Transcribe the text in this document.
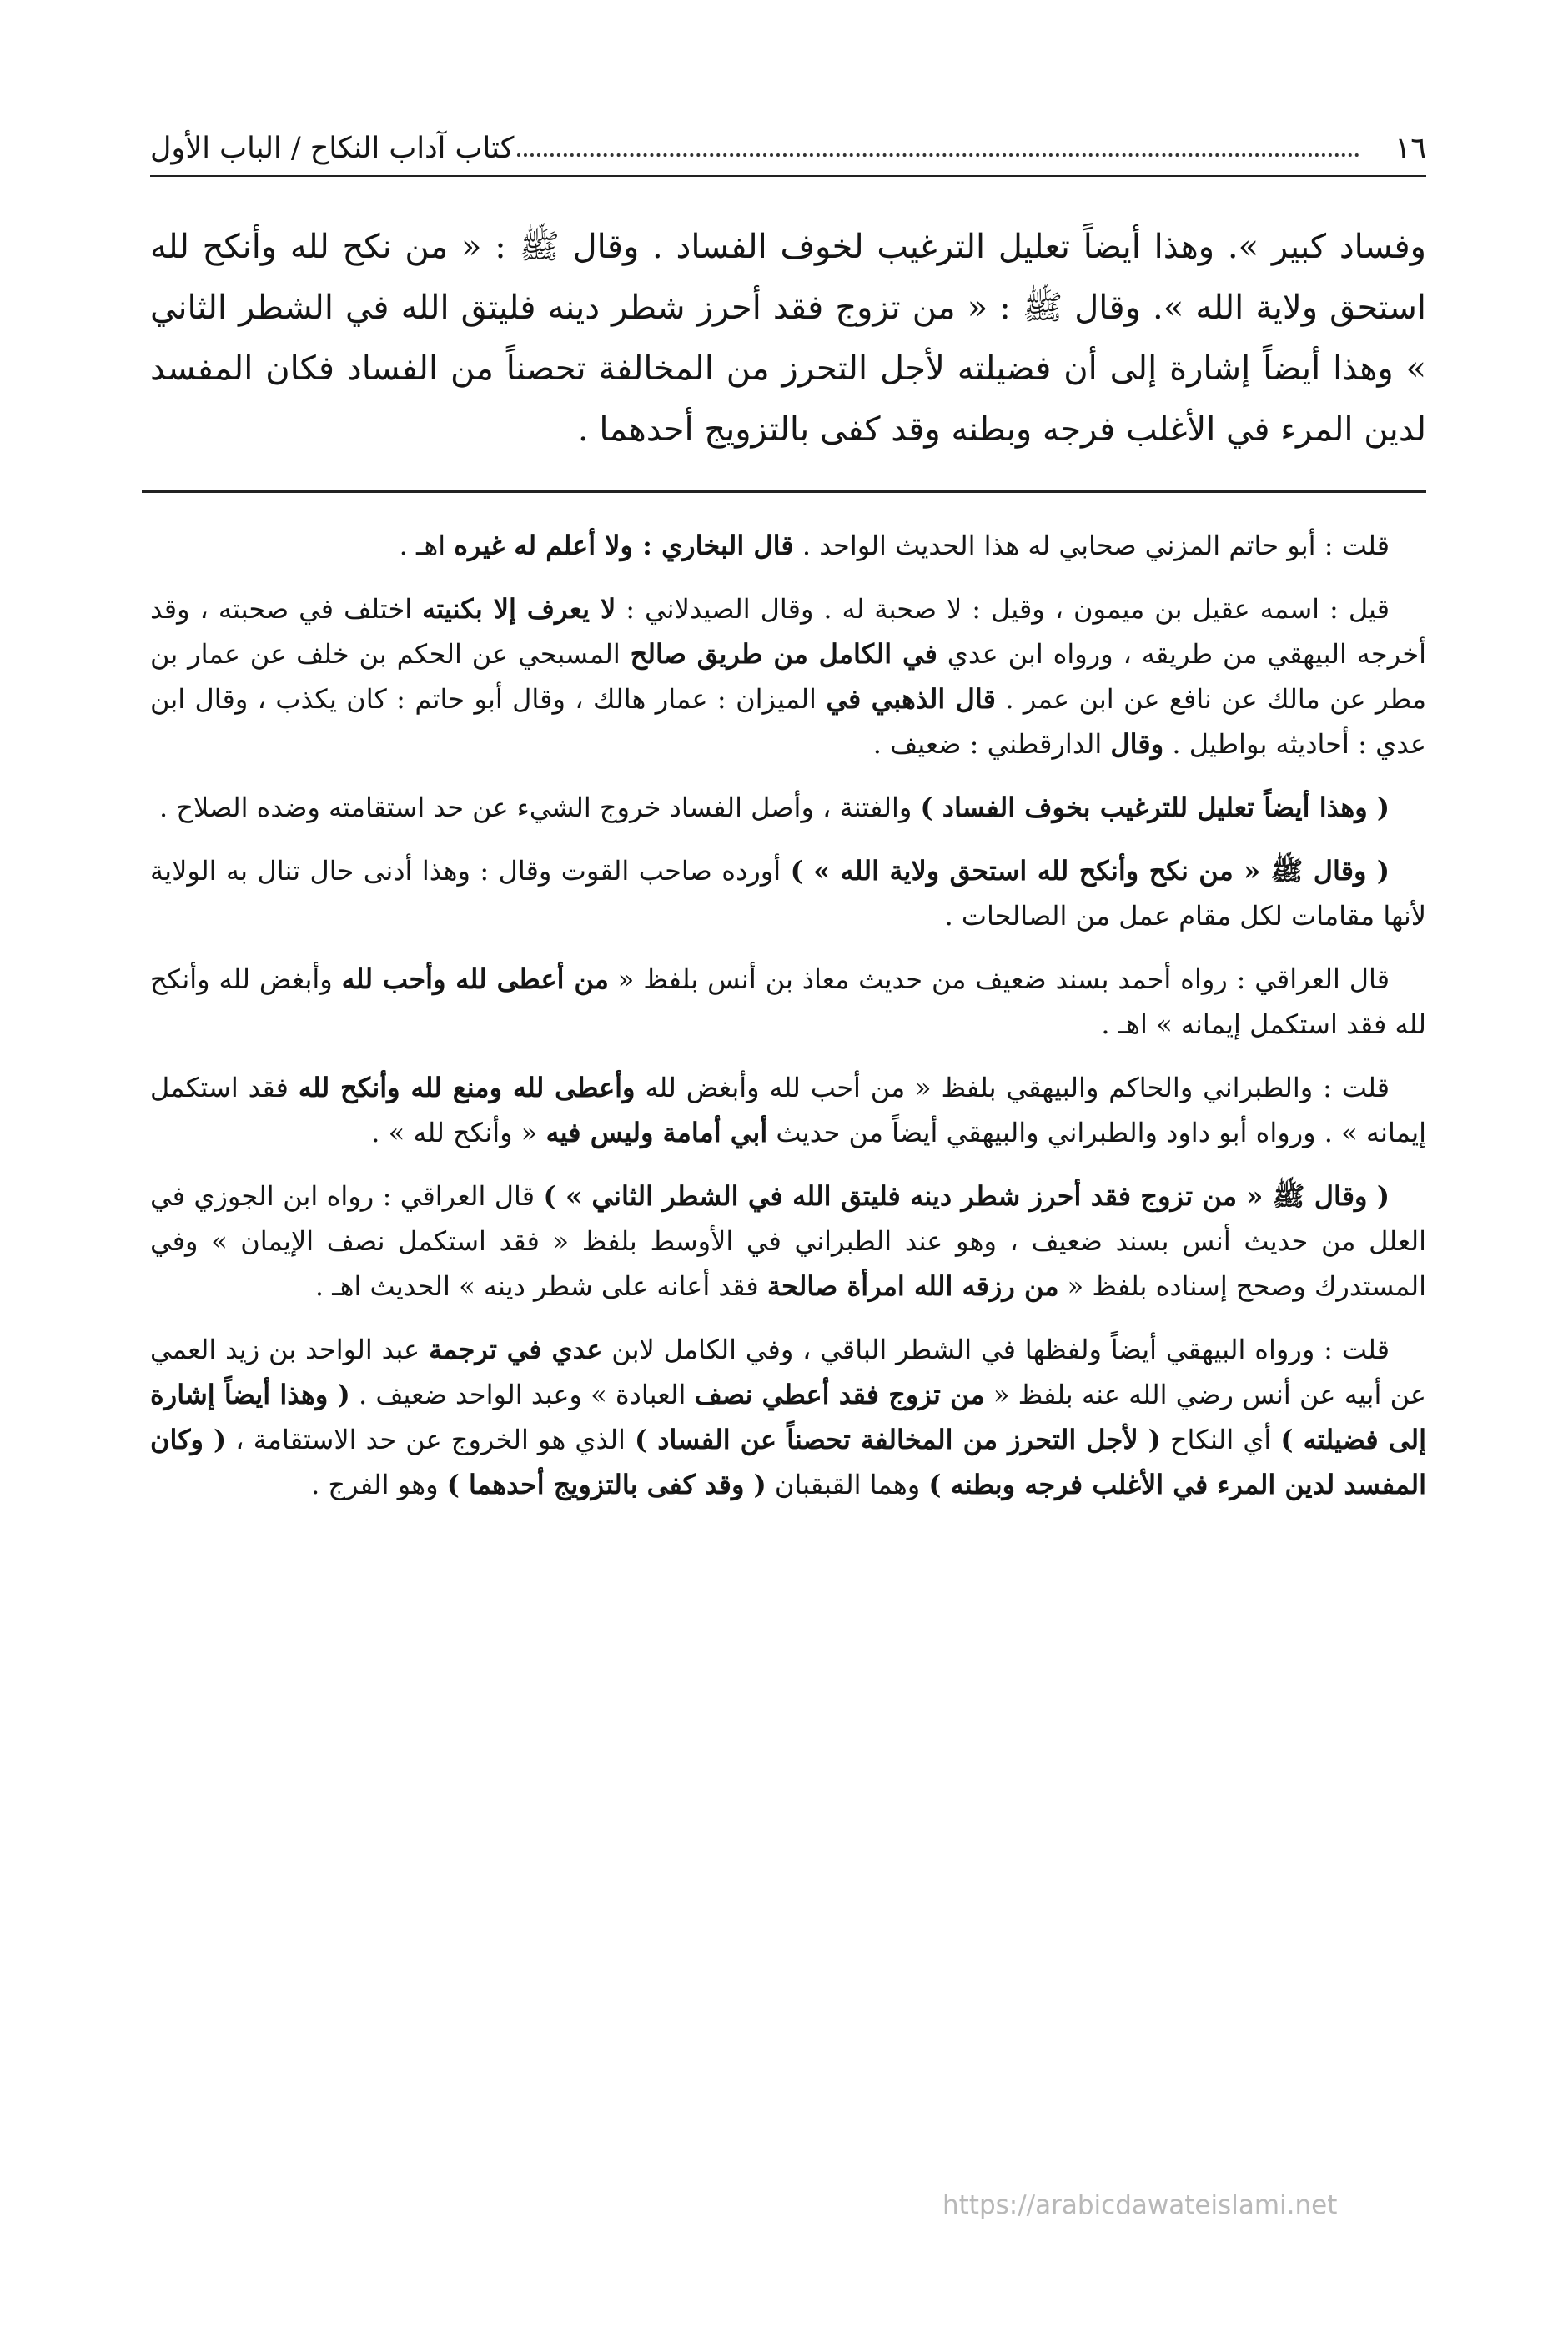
١٦
كتاب آداب النكاح / الباب الأول

وفساد كبير ». وهذا أيضاً تعليل الترغيب لخوف الفساد . وقال ﷺ : « من نكح لله وأنكح لله استحق ولاية الله ». وقال ﷺ : « من تزوج فقد أحرز شطر دينه فليتق الله في الشطر الثاني » وهذا أيضاً إشارة إلى أن فضيلته لأجل التحرز من المخالفة تحصناً من الفساد فكان المفسد لدين المرء في الأغلب فرجه وبطنه وقد كفى بالتزويج أحدهما .

قلت : أبو حاتم المزني صحابي له هذا الحديث الواحد . قال البخاري : ولا أعلم له غيره اهـ .

قيل : اسمه عقيل بن ميمون ، وقيل : لا صحبة له . وقال الصيدلاني : لا يعرف إلا بكنيته اختلف في صحبته ، وقد أخرجه البيهقي من طريقه ، ورواه ابن عدي في الكامل من طريق صالح المسبحي عن الحكم بن خلف عن عمار بن مطر عن مالك عن نافع عن ابن عمر . قال الذهبي في الميزان : عمار هالك ، وقال أبو حاتم : كان يكذب ، وقال ابن عدي : أحاديثه بواطيل . وقال الدارقطني : ضعيف .

( وهذا أيضاً تعليل للترغيب بخوف الفساد ) والفتنة ، وأصل الفساد خروج الشيء عن حد استقامته وضده الصلاح .

( وقال ﷺ « من نكح وأنكح لله استحق ولاية الله » ) أورده صاحب القوت وقال : وهذا أدنى حال تنال به الولاية لأنها مقامات لكل مقام عمل من الصالحات .

قال العراقي : رواه أحمد بسند ضعيف من حديث معاذ بن أنس بلفظ « من أعطى لله وأحب لله وأبغض لله وأنكح لله فقد استكمل إيمانه » اهـ .

قلت : والطبراني والحاكم والبيهقي بلفظ « من أحب لله وأبغض لله وأعطى لله ومنع لله وأنكح لله فقد استكمل إيمانه » . ورواه أبو داود والطبراني والبيهقي أيضاً من حديث أبي أمامة وليس فيه « وأنكح لله » .

( وقال ﷺ « من تزوج فقد أحرز شطر دينه فليتق الله في الشطر الثاني » ) قال العراقي : رواه ابن الجوزي في العلل من حديث أنس بسند ضعيف ، وهو عند الطبراني في الأوسط بلفظ « فقد استكمل نصف الإيمان » وفي المستدرك وصحح إسناده بلفظ « من رزقه الله امرأة صالحة فقد أعانه على شطر دينه » الحديث اهـ .

قلت : ورواه البيهقي أيضاً ولفظها في الشطر الباقي ، وفي الكامل لابن عدي في ترجمة عبد الواحد بن زيد العمي عن أبيه عن أنس رضي الله عنه بلفظ « من تزوج فقد أعطي نصف العبادة » وعبد الواحد ضعيف . ( وهذا أيضاً إشارة إلى فضيلته ) أي النكاح ( لأجل التحرز من المخالفة تحصناً عن الفساد ) الذي هو الخروج عن حد الاستقامة ، ( وكان المفسد لدين المرء في الأغلب فرجه وبطنه ) وهما القبقبان ( وقد كفى بالتزويج أحدهما ) وهو الفرج .

https://arabicdawateislami.net
